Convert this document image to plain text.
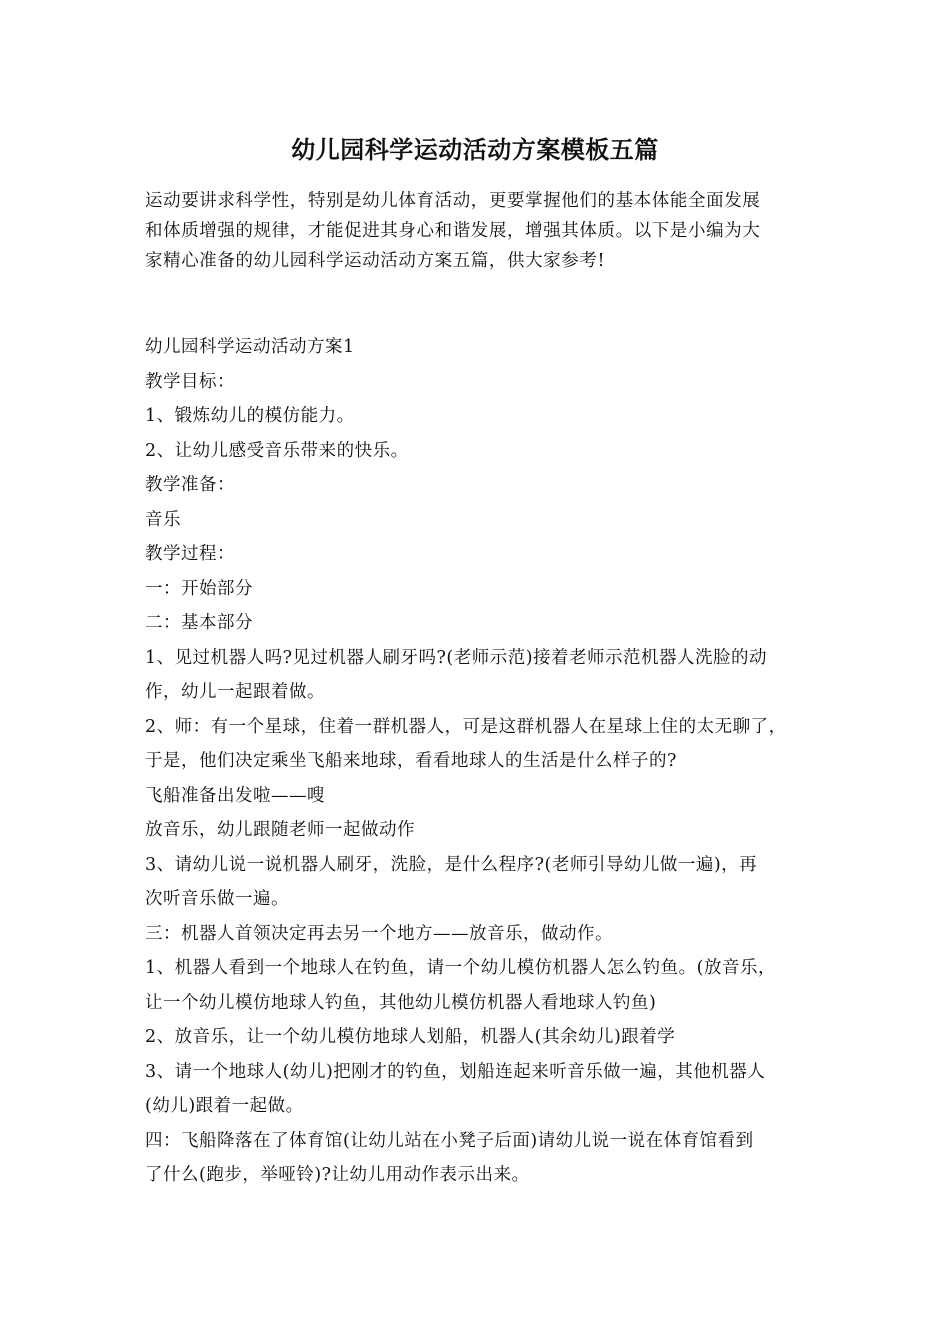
幼儿园科学运动活动方案模板五篇

运动要讲求科学性，特别是幼儿体育活动，更要掌握他们的基本体能全面发展

和体质增强的规律，才能促进其身心和谐发展，增强其体质。以下是小编为大

家精心准备的幼儿园科学运动活动方案五篇，供大家参考!

幼儿园科学运动活动方案1
教学目标：
1、锻炼幼儿的模仿能力。
2、让幼儿感受音乐带来的快乐。
教学准备：
音乐
教学过程：
一：开始部分
二：基本部分
1、见过机器人吗?见过机器人刷牙吗?(老师示范)接着老师示范机器人洗脸的动
作，幼儿一起跟着做。
2、师：有一个星球，住着一群机器人，可是这群机器人在星球上住的太无聊了，
于是，他们决定乘坐飞船来地球，看看地球人的生活是什么样子的?
飞船准备出发啦——嗖
放音乐，幼儿跟随老师一起做动作
3、请幼儿说一说机器人刷牙，洗脸，是什么程序?(老师引导幼儿做一遍)，再
次听音乐做一遍。
三：机器人首领决定再去另一个地方——放音乐，做动作。
1、机器人看到一个地球人在钓鱼，请一个幼儿模仿机器人怎么钓鱼。(放音乐，
让一个幼儿模仿地球人钓鱼，其他幼儿模仿机器人看地球人钓鱼)
2、放音乐，让一个幼儿模仿地球人划船，机器人(其余幼儿)跟着学
3、请一个地球人(幼儿)把刚才的钓鱼，划船连起来听音乐做一遍，其他机器人
(幼儿)跟着一起做。
四：飞船降落在了体育馆(让幼儿站在小凳子后面)请幼儿说一说在体育馆看到
了什么(跑步，举哑铃)?让幼儿用动作表示出来。
